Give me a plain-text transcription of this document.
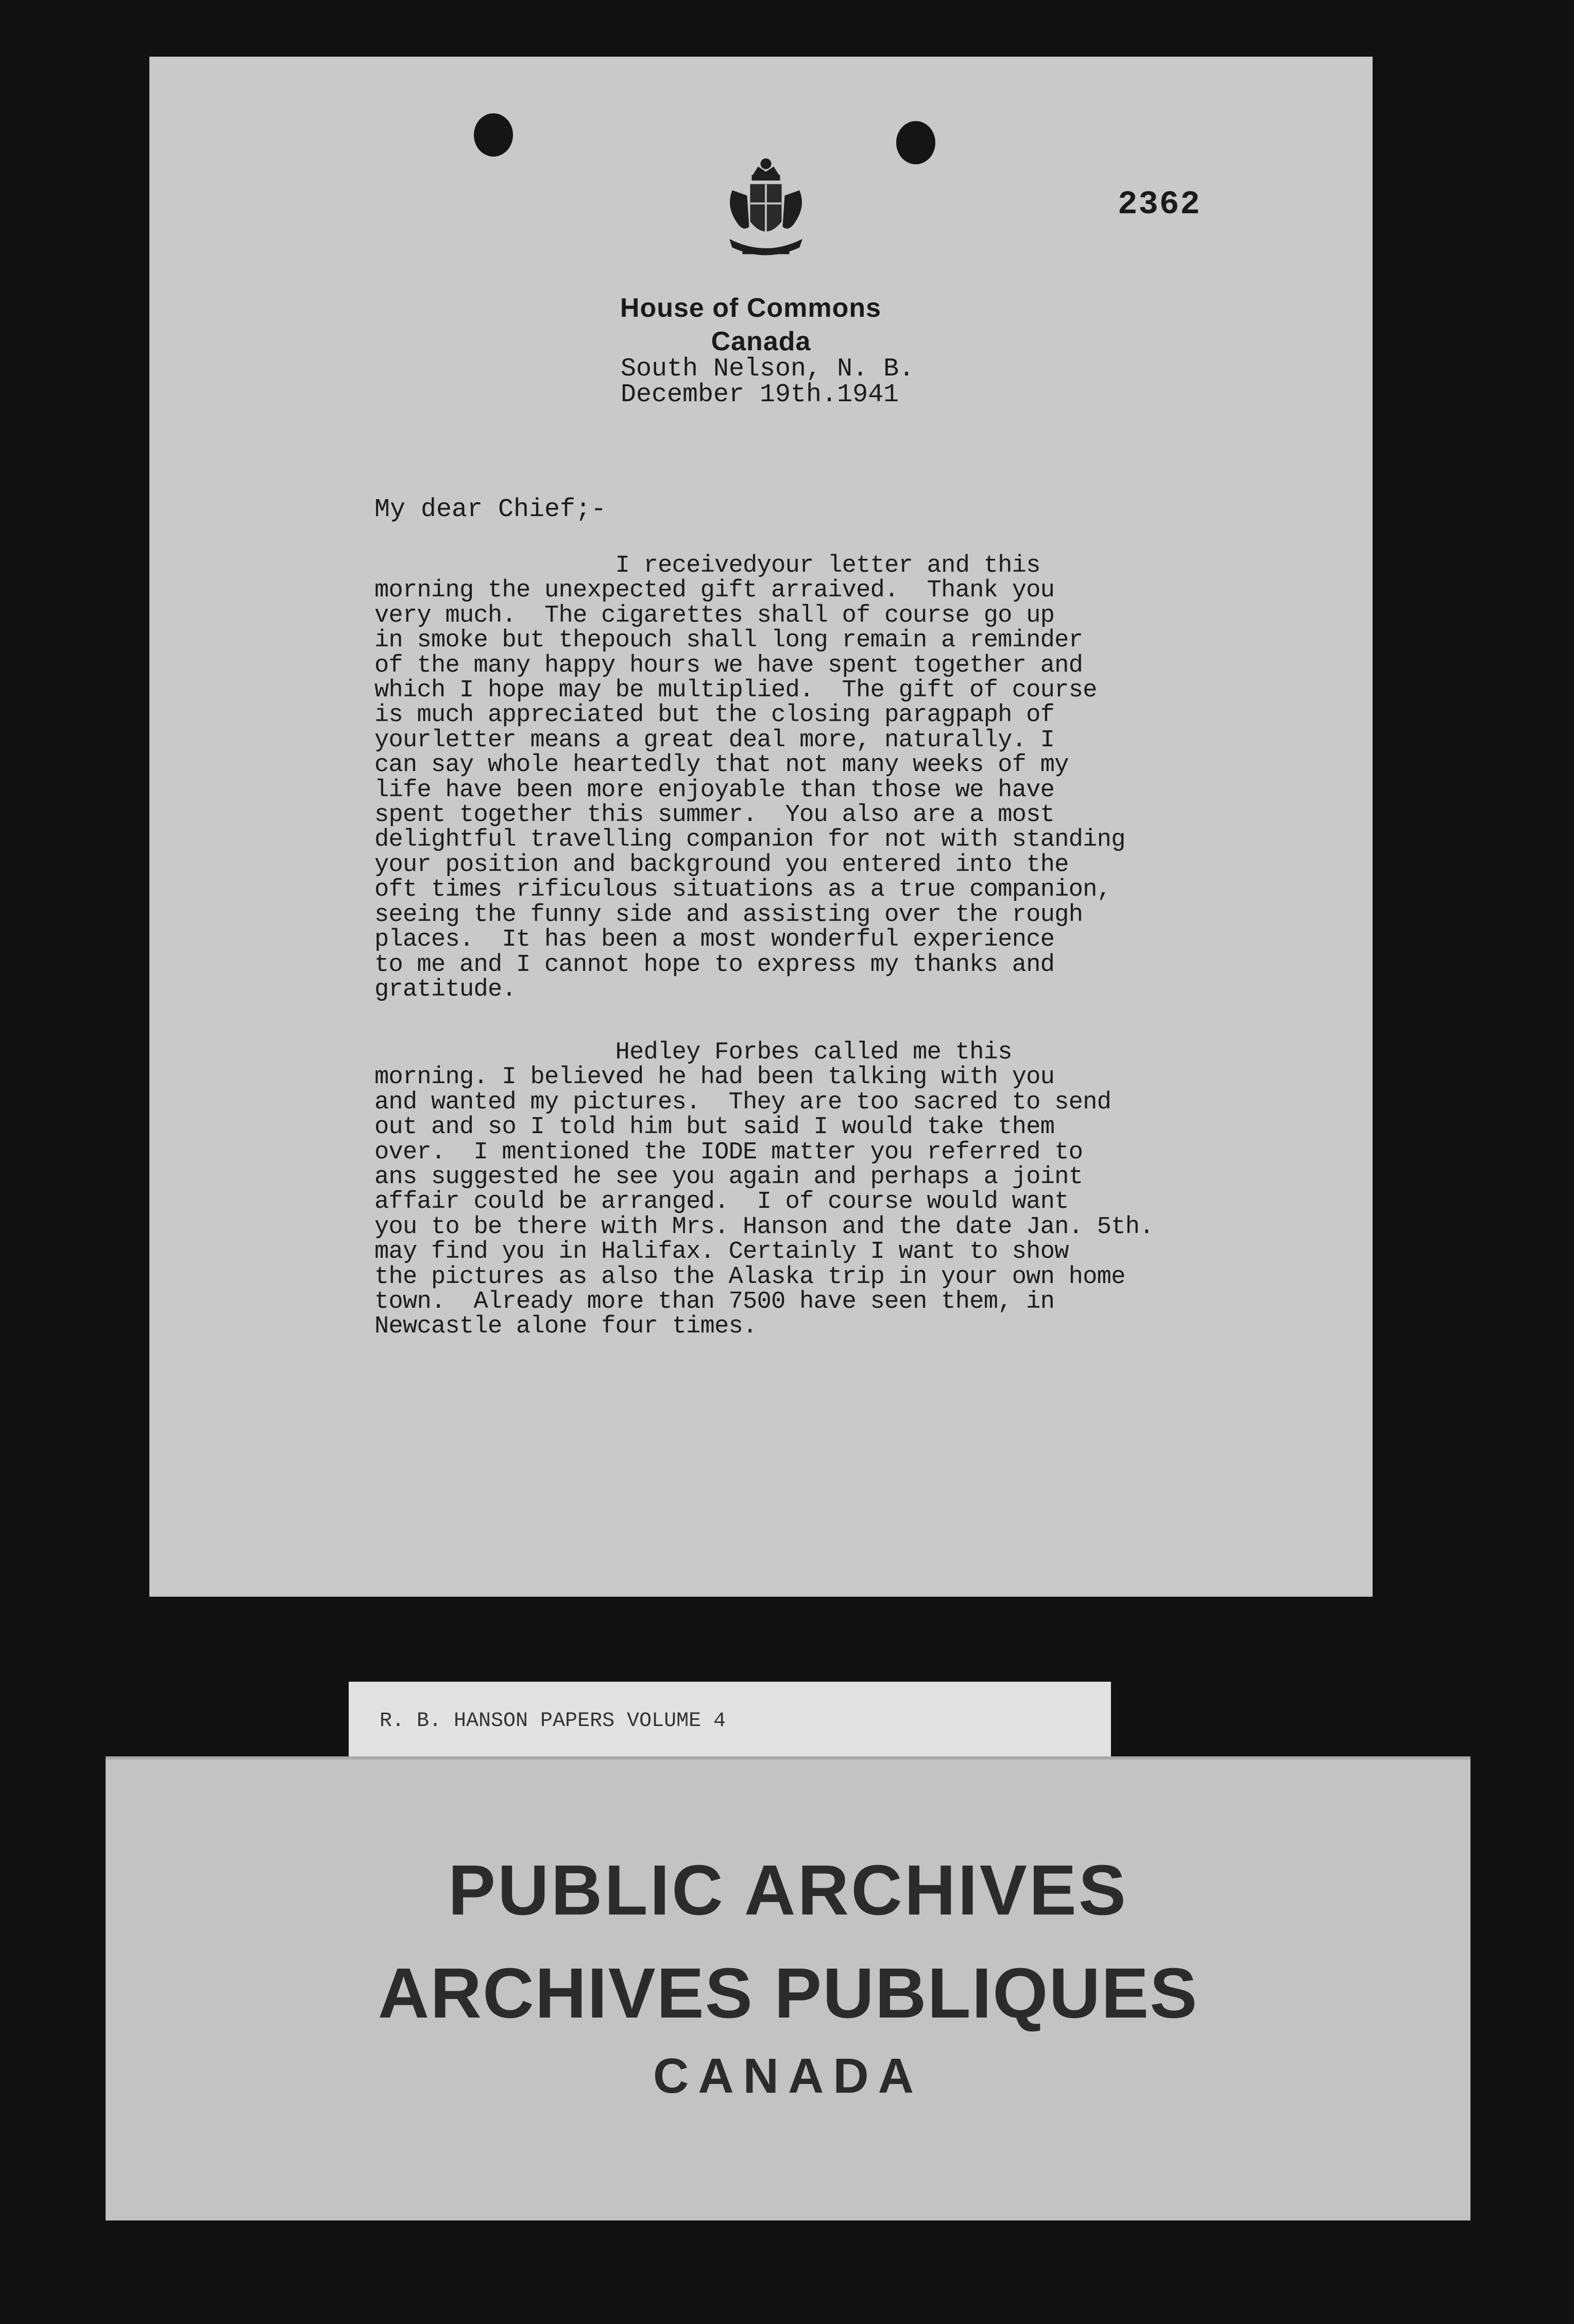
2362
House of Commons
Canada
South Nelson, N. B.
December 19th.1941
My dear Chief;-
I receivedyour letter and this
morning the unexpected gift arraived.  Thank you
very much.  The cigarettes shall of course go up
in smoke but thepouch shall long remain a reminder
of the many happy hours we have spent together and
which I hope may be multiplied.  The gift of course
is much appreciated but the closing paragpaph of
yourletter means a great deal more, naturally. I
can say whole heartedly that not many weeks of my
life have been more enjoyable than those we have
spent together this summer.  You also are a most
delightful travelling companion for not with standing
your position and background you entered into the
oft times rificulous situations as a true companion,
seeing the funny side and assisting over the rough
places.  It has been a most wonderful experience
to me and I cannot hope to express my thanks and
gratitude.
Hedley Forbes called me this
morning. I believed he had been talking with you
and wanted my pictures.  They are too sacred to send
out and so I told him but said I would take them
over.  I mentioned the IODE matter you referred to
ans suggested he see you again and perhaps a joint
affair could be arranged.  I of course would want
you to be there with Mrs. Hanson and the date Jan. 5th.
may find you in Halifax. Certainly I want to show
the pictures as also the Alaska trip in your own home
town.  Already more than 7500 have seen them, in
Newcastle alone four times.
R. B. HANSON PAPERS VOLUME 4
PUBLIC ARCHIVES
ARCHIVES PUBLIQUES
CANADA
